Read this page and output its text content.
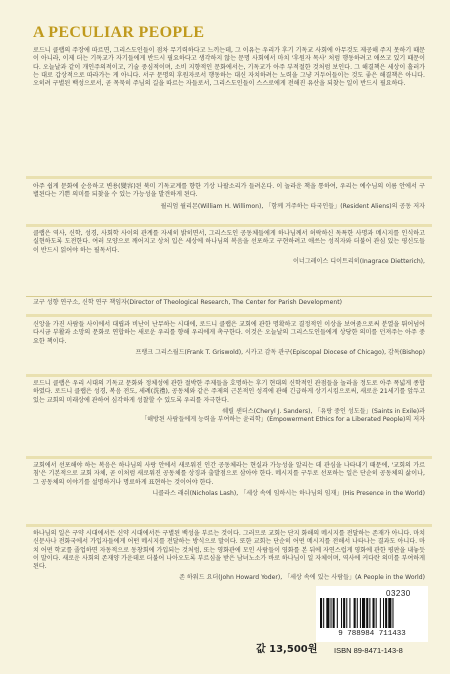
A PECULIAR PEOPLE
로드니 클랩의 주장에 따르면, 그리스도인들이 점차 무기력하다고 느끼는데, 그 이유는 우리가 후기 기독교 사회에 아무것도 제공해 주지 못하기 때문이 아니라, 이제 더는 기독교가 자기들에게 반드시 필요하다고 생각하지 않는 문명 사회에서 마치 '후원자 목사' 처럼 행동하려고 애쓰고 있기 때문이다. 오늘날과 같이 개인주의적이고, 기술 중심적이며, 소비 지향적인 문화에서는, 기독교가 아주 부적절한 것처럼 보인다. 그 해결책은 세상이 흘러가는 대로 갑상적으로 따라가는 게 아니다. 서구 문명의 후원자로서 행동하는 대신 자치하려는 노력을 그냥 거두어들이는 것도 좋은 해결책은 아니다. 오히려 구별된 백성으로서, 곧 목묵히 주님의 길을 따르는 자들로서, 그리스도인들이 스스로에게 전해진 유산을 되찾는 일이 반드시 필요하다.
아주 쉽게 문화에 순응하고 변용(變容)된 북미 기독교계를 향한 기상 나팔소리가 들려온다. 이 놀라운 책을 통하여, 우리는 예수님의 이름 안에서 구별된다는 기쁜 의미를 되찾을 수 있는 가능성을 발견하게 된다.
윌리엄 윌리몬(William H. Willimon), 「함께 거주하는 타국인들」(Resident Aliens)의 공동 저자
클랩은 역사, 신학, 성경, 사회학 사이의 관계를 자세히 밝히면서, 그리스도인 공동체들에게 하나님께서 허락하신 독특한 사명과 메시지를 인식하고 실현하도록 도전한다. 여러 모양으로 깨어지고 상처 입은 세상에 하나님의 복음을 선포하고 구현하려고 애쓰는 성직자와 더불어 관심 있는 평신도들이 반드시 읽어야 하는 필독서다.
이너그레이스 디이트리히(Inagrace Dietterich),
교구 성향 연구소, 신학 연구 책임자(Director of Theological Research, The Center for Parish Development)
신앙을 가진 사람들 사이에서 대립과 비난이 난무하는 시대에, 로드니 클랩은 교회에 관한 명확하고 결정적인 이상을 보여줌으로써 분열을 뛰어넘어 다시금 부활과 소망의 문화로 연합하는 새로운 우리를 향해 우리에게 촉구한다. 이것은 오늘날의 그리스도인들에게 상당한 의미를 던져주는 아주 중요한 책이다.
프랭크 그리스월드(Frank T. Griswold), 시카고 감독 관구(Episcopal Diocese of Chicago), 감독(Bishop)
로드니 클랩은 우리 시대의 기독교 문화와 정체성에 관한 절박한 주제들을 호명하는 후기 현대의 신학적인 관점들을 놀라울 정도로 아주 폭넓게 종합하였다. 로드니 클랩은 성경, 복음 전도, 세례(洗禮), 공동체와 같은 주제의 근본적인 성격에 관해 긴급하게 상기시킴으로써, 새로운 21세기를 앞두고 있는 교회의 미래상에 관하여 심각하게 성찰할 수 있도록 우리를 자극한다.
쉐릴 샌더스(Cheryl J. Sanders), 「유랑 중인 성도들」(Saints in Exile)과
「해방된 사람들에게 능력을 부여하는 윤리학」(Empowerment Ethics for a Liberated People)의 저자
교회에서 선포해야 하는 복음은 하나님의 사랑 안에서 새로워진 인간 공동체라는 현실과 가능성을 알리는 데 관심을 나타내기 때문에, '교회의 가르침'은 기본적으로 교회 자체, 곧 이처럼 새로워진 공동체를 상징과 출발점으로 삼아야 한다. 메시지를 구두로 선포하는 일은 단순히 공동체의 삶이나, 그 공동체의 이야기를 설명하거나 명료하게 표현하는 것이어야 한다.
니콜라스 래쉬(Nicholas Lash), 「세상 속에 임하시는 하나님의 임재」(His Presence in the World)
하나님의 일은 구약 시대에서든 신약 시대에서든 구별된 백성을 부르는 것이다. 그러므로 교회는 단지 화해의 메시지를 전달하는 존재가 아니다. 마치 신문사나 전화국에서 가입자들에게 어떤 메시지를 전달하는 방식으로 말이다. 또한 교회는 단순히 어떤 메시지를 전해서 나타나는 결과도 아니다. 마치 어떤 학교를 졸업하면 자동적으로 동창회에 가입되는 것처럼, 또는 영화관에 모인 사람들이 영화를 본 뒤에 자연스럽게 영화에 관한 평판을 내놓듯이 말이다. 새로운 사회의 존재양 가운데로 더불어 나아오도록 부르심을 받은 남녀노소가 바로 하나님이 일 자체이며, 역사에 커다란 의미를 부여하게 된다.
존 하워드 요더(John Howard Yoder), 「세상 속에 있는 사람들」(A People in the World)
03230
9 788984 711433
ISBN 89-8471-143-8
값 13,500원
